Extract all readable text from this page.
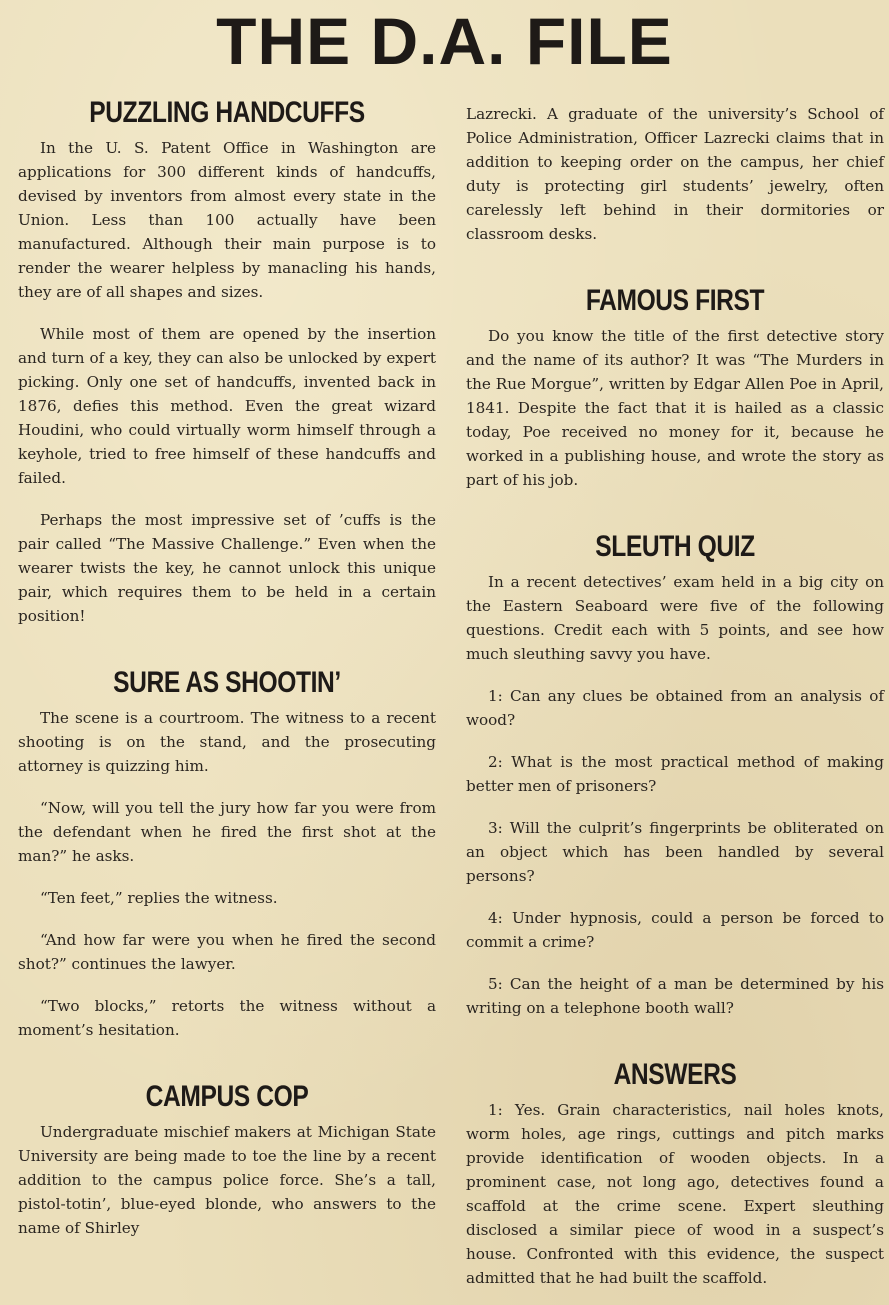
THE D.A. FILE
PUZZLING HANDCUFFS

In the U. S. Patent Office in Washington are applications for 300 different kinds of handcuffs, devised by inventors from almost every state in the Union. Less than 100 actually have been manufactured. Although their main purpose is to render the wearer helpless by manacling his hands, they are of all shapes and sizes.

While most of them are opened by the insertion and turn of a key, they can also be unlocked by expert picking. Only one set of handcuffs, invented back in 1876, defies this method. Even the great wizard Houdini, who could virtually worm himself through a keyhole, tried to free himself of these handcuffs and failed.

Perhaps the most impressive set of ’cuffs is the pair called “The Massive Challenge.” Even when the wearer twists the key, he cannot unlock this unique pair, which requires them to be held in a certain position!

SURE AS SHOOTIN’

The scene is a courtroom. The witness to a recent shooting is on the stand, and the prosecuting attorney is quizzing him.

“Now, will you tell the jury how far you were from the defendant when he fired the first shot at the man?” he asks.

“Ten feet,” replies the witness.

“And how far were you when he fired the second shot?” continues the lawyer.

“Two blocks,” retorts the witness without a moment’s hesitation.

CAMPUS COP

Undergraduate mischief makers at Michigan State University are being made to toe the line by a recent addition to the campus police force. She’s a tall, pistol-totin’, blue-eyed blonde, who answers to the name of Shirley

Lazrecki. A graduate of the university’s School of Police Administration, Officer Lazrecki claims that in addition to keeping order on the campus, her chief duty is protecting girl students’ jewelry, often carelessly left behind in their dormitories or classroom desks.

FAMOUS FIRST

Do you know the title of the first detective story and the name of its author? It was “The Murders in the Rue Morgue”, written by Edgar Allen Poe in April, 1841. Despite the fact that it is hailed as a classic today, Poe received no money for it, because he worked in a publishing house, and wrote the story as part of his job.

SLEUTH QUIZ

In a recent detectives’ exam held in a big city on the Eastern Seaboard were five of the following questions. Credit each with 5 points, and see how much sleuthing savvy you have.

1: Can any clues be obtained from an analysis of wood?

2: What is the most practical method of making better men of prisoners?

3: Will the culprit’s fingerprints be obliterated on an object which has been handled by several persons?

4: Under hypnosis, could a person be forced to commit a crime?

5: Can the height of a man be determined by his writing on a telephone booth wall?

ANSWERS

1: Yes. Grain characteristics, nail holes knots, worm holes, age rings, cuttings and pitch marks provide identification of wooden objects. In a prominent case, not long ago, detectives found a scaffold at the crime scene. Expert sleuthing disclosed a similar piece of wood in a suspect’s house. Confronted with this evidence, the suspect admitted that he had built the scaffold.
